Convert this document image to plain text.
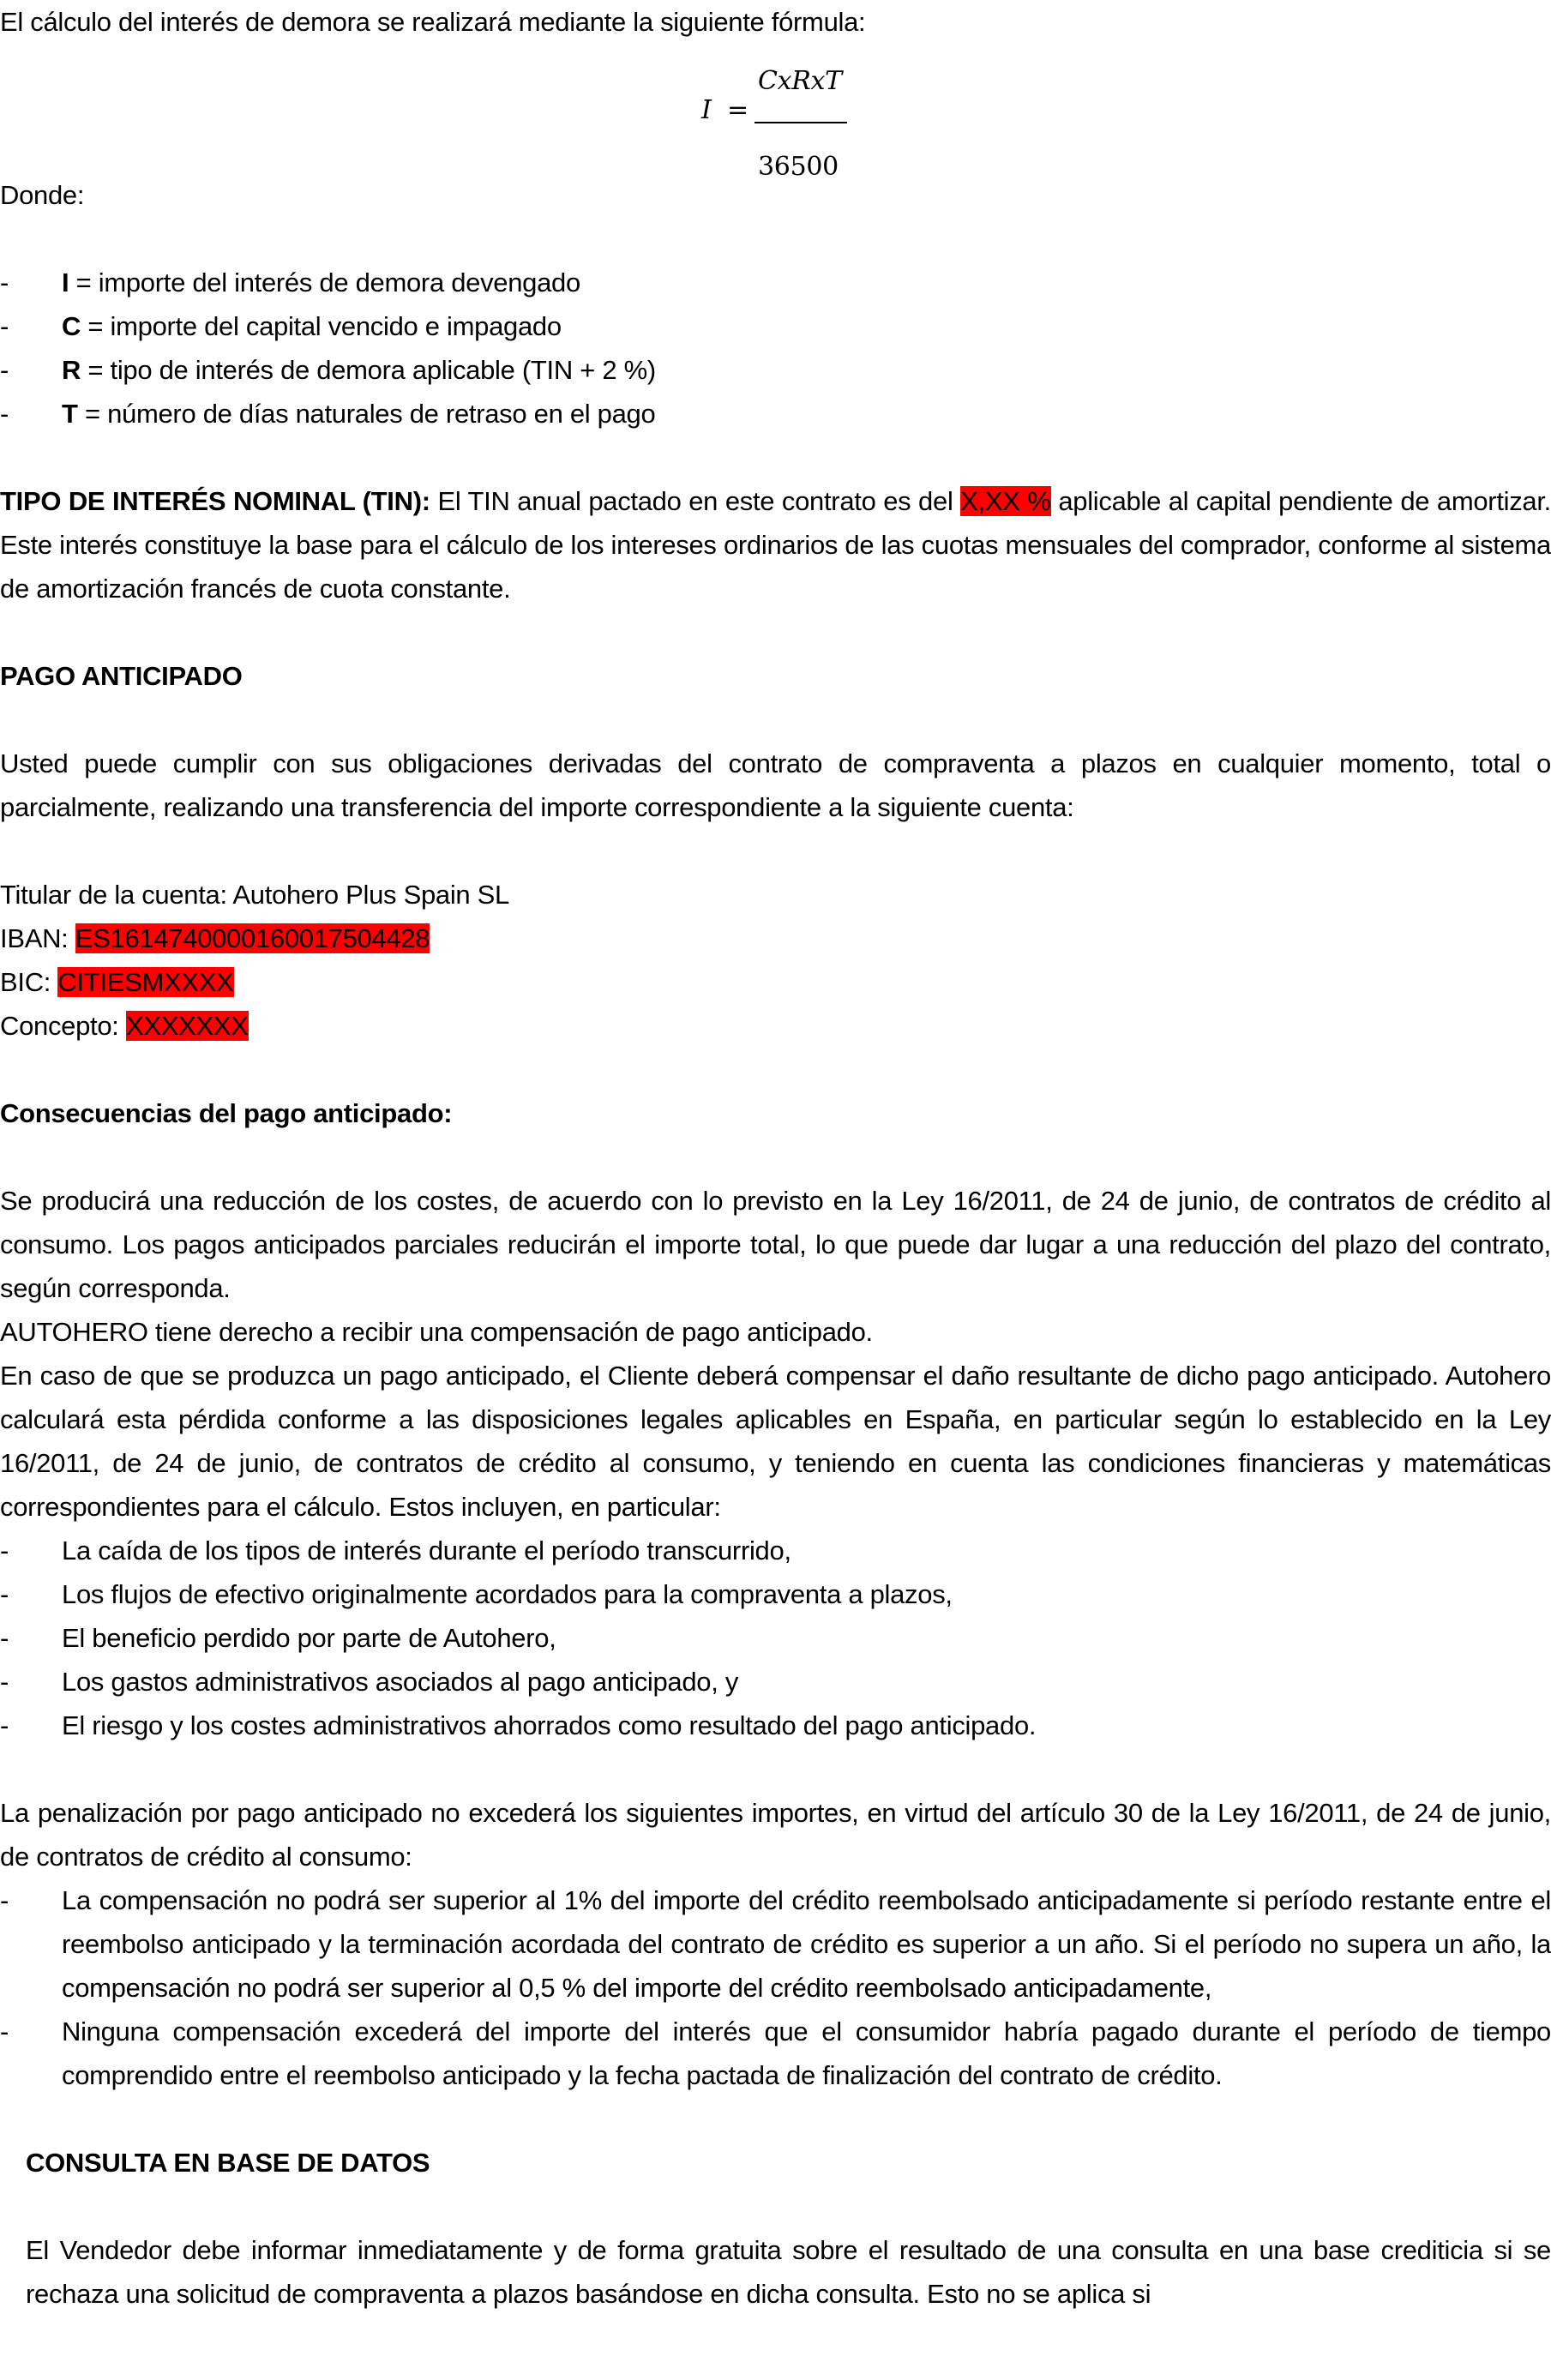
El cálculo del interés de demora se realizará mediante la siguiente fórmula:

I =
CxRxT
36500

Donde:

- I = importe del interés de demora devengado
- C = importe del capital vencido e impagado
- R = tipo de interés de demora aplicable (TIN + 2 %)
- T = número de días naturales de retraso en el pago

TIPO DE INTERÉS NOMINAL (TIN): El TIN anual pactado en este contrato es del X,XX % aplicable al capital pendiente de amortizar. Este interés constituye la base para el cálculo de los intereses ordinarios de las cuotas mensuales del comprador, conforme al sistema de amortización francés de cuota constante.

PAGO ANTICIPADO

Usted puede cumplir con sus obligaciones derivadas del contrato de compraventa a plazos en cualquier momento, total o parcialmente, realizando una transferencia del importe correspondiente a la siguiente cuenta:

Titular de la cuenta: Autohero Plus Spain SL

IBAN: ES1614740000160017504428

BIC: CITIESMXXXX

Concepto: XXXXXXX

Consecuencias del pago anticipado:

Se producirá una reducción de los costes, de acuerdo con lo previsto en la Ley 16/2011, de 24 de junio, de contratos de crédito al consumo. Los pagos anticipados parciales reducirán el importe total, lo que puede dar lugar a una reducción del plazo del contrato, según corresponda.

AUTOHERO tiene derecho a recibir una compensación de pago anticipado.

En caso de que se produzca un pago anticipado, el Cliente deberá compensar el daño resultante de dicho pago anticipado. Autohero calculará esta pérdida conforme a las disposiciones legales aplicables en España, en particular según lo establecido en la Ley 16/2011, de 24 de junio, de contratos de crédito al consumo, y teniendo en cuenta las condiciones financieras y matemáticas correspondientes para el cálculo. Estos incluyen, en particular:

- La caída de los tipos de interés durante el período transcurrido,
- Los flujos de efectivo originalmente acordados para la compraventa a plazos,
- El beneficio perdido por parte de Autohero,
- Los gastos administrativos asociados al pago anticipado, y
- El riesgo y los costes administrativos ahorrados como resultado del pago anticipado.

La penalización por pago anticipado no excederá los siguientes importes, en virtud del artículo 30 de la Ley 16/2011, de 24 de junio, de contratos de crédito al consumo:

- La compensación no podrá ser superior al 1% del importe del crédito reembolsado anticipadamente si período restante entre el reembolso anticipado y la terminación acordada del contrato de crédito es superior a un año. Si el período no supera un año, la compensación no podrá ser superior al 0,5 % del importe del crédito reembolsado anticipadamente,
- Ninguna compensación excederá del importe del interés que el consumidor habría pagado durante el período de tiempo comprendido entre el reembolso anticipado y la fecha pactada de finalización del contrato de crédito.

CONSULTA EN BASE DE DATOS

El Vendedor debe informar inmediatamente y de forma gratuita sobre el resultado de una consulta en una base crediticia si se rechaza una solicitud de compraventa a plazos basándose en dicha consulta. Esto no se aplica si
